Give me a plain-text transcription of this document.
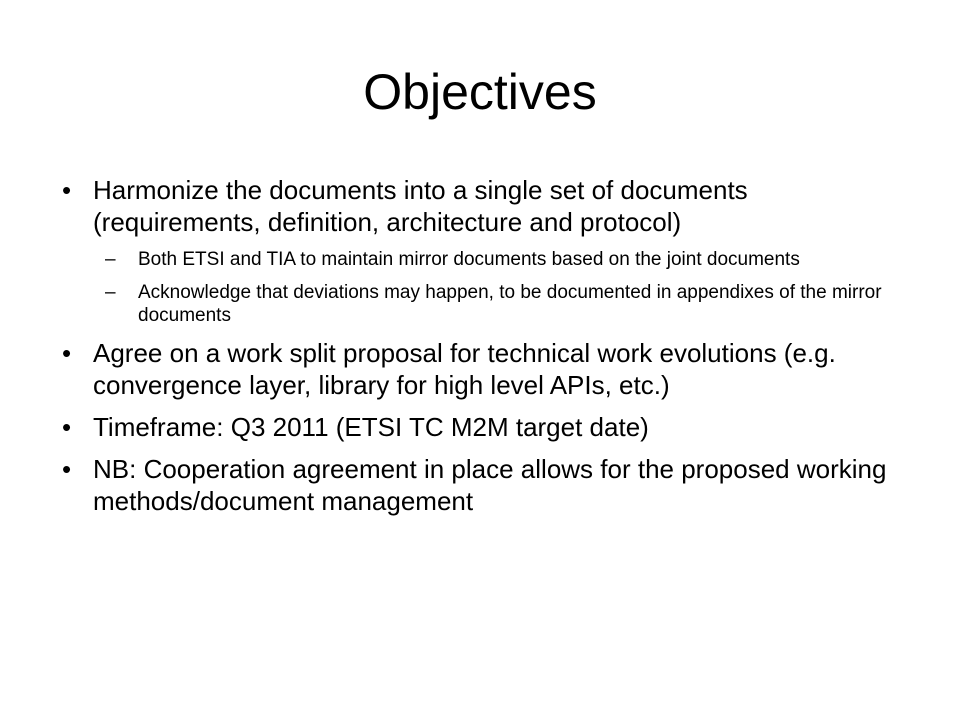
Objectives
• Harmonize the documents into a single set of documents (requirements, definition, architecture and protocol)
– Both ETSI and TIA to maintain mirror documents based on the joint documents
– Acknowledge that deviations may happen, to be documented in appendixes of the mirror documents
• Agree on a work split proposal for technical work evolutions (e.g. convergence layer, library for high level APIs, etc.)
• Timeframe: Q3 2011 (ETSI TC M2M target date)
• NB: Cooperation agreement in place allows for the proposed working methods/document management
